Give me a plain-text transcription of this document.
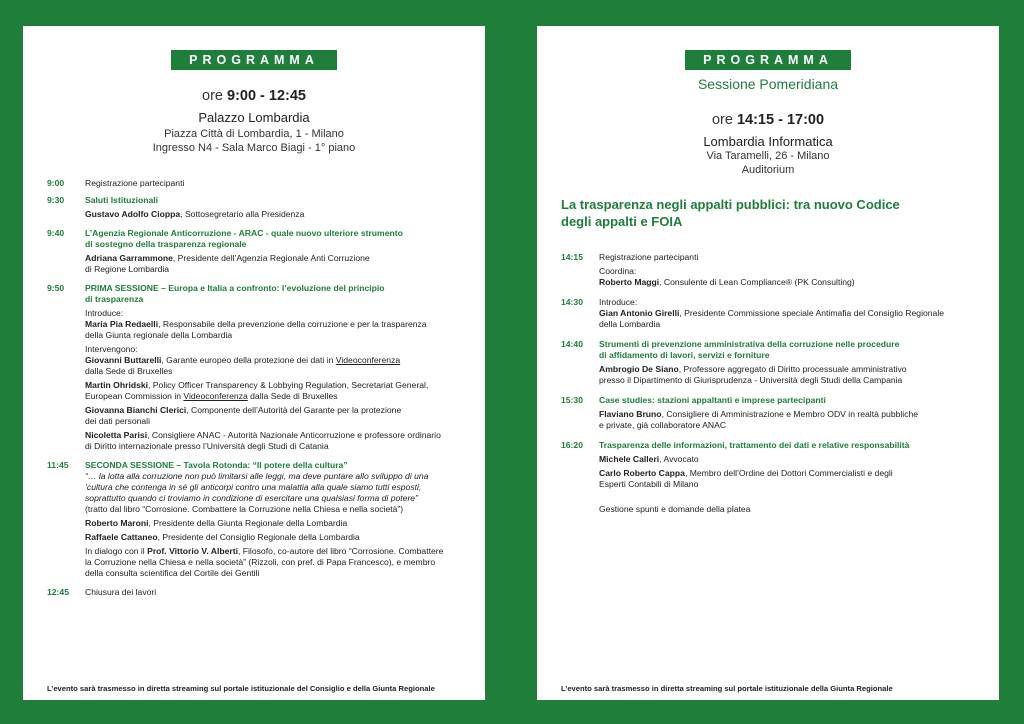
PROGRAMMA
ore 9:00 - 12:45
Palazzo Lombardia
Piazza Città di Lombardia, 1 - Milano
Ingresso N4 - Sala Marco Biagi - 1° piano
9:00	Registrazione partecipanti
9:30	Saluti Istituzionali
Gustavo Adolfo Cioppa, Sottosegretario alla Presidenza
9:40	L’Agenzia Regionale Anticorruzione - ARAC - quale nuovo ulteriore strumento
di sostegno della trasparenza regionale
Adriana Garrammone, Presidente dell’Agenzia Regionale Anti Corruzione
di Regione Lombardia
9:50	PRIMA SESSIONE – Europa e Italia a confronto: l’evoluzione del principio
di trasparenza
Introduce:
Maria Pia Redaelli, Responsabile della prevenzione della corruzione e per la trasparenza
della Giunta regionale della Lombardia
Intervengono:
Giovanni Buttarelli, Garante europeo della protezione dei dati in Videoconferenza
dalla Sede di Bruxelles
Martin Ohridski, Policy Officer Transparency & Lobbying Regulation, Secretariat General,
European Commission in Videoconferenza dalla Sede di Bruxelles
Giovanna Bianchi Clerici, Componente dell’Autorità del Garante per la protezione
dei dati personali
Nicoletta Parisi, Consigliere ANAC - Autorità Nazionale Anticorruzione e professore ordinario
di Diritto internazionale presso l’Università degli Studi di Catania
11:45	SECONDA SESSIONE – Tavola Rotonda: “Il potere della cultura”
“… la lotta alla corruzione non può limitarsi alle leggi, ma deve puntare allo sviluppo di una
’cultura che contenga in sé gli anticorpi contro una malattia alla quale siamo tutti esposti,
soprattutto quando ci troviamo in condizione di esercitare una qualsiasi forma di potere”
(tratto dal libro “Corrosione. Combattere la Corruzione nella Chiesa e nella società”)
Roberto Maroni, Presidente della Giunta Regionale della Lombardia
Raffaele Cattaneo, Presidente del Consiglio Regionale della Lombardia
In dialogo con il Prof. Vittorio V. Alberti, Filosofo, co-autore del libro “Corrosione. Combattere
la Corruzione nella Chiesa e nella società” (Rizzoli, con pref. di Papa Francesco), e membro
della consulta scientifica del Cortile dei Gentili
12:45	Chiusura dei lavori
L’evento sarà trasmesso in diretta streaming sul portale istituzionale del Consiglio e della Giunta Regionale
PROGRAMMA
Sessione Pomeridiana
ore 14:15 - 17:00
Lombardia Informatica
Via Taramelli, 26 - Milano
Auditorium
La trasparenza negli appalti pubblici: tra nuovo Codice
degli appalti e FOIA
14:15	Registrazione partecipanti
Coordina:
Roberto Maggi, Consulente di Lean Compliance® (PK Consulting)
14:30	Introduce:
Gian Antonio Girelli, Presidente Commissione speciale Antimafia del Consiglio Regionale
della Lombardia
14:40	Strumenti di prevenzione amministrativa della corruzione nelle procedure
di affidamento di lavori, servizi e forniture
Ambrogio De Siano, Professore aggregato di Diritto processuale amministrativo
presso il Dipartimento di Giurisprudenza - Università degli Studi della Campania
15:30	Case studies: stazioni appaltanti e imprese partecipanti
Flaviano Bruno, Consigliere di Amministrazione e Membro ODV in realtà pubbliche
e private, già collaboratore ANAC
16:20	Trasparenza delle informazioni, trattamento dei dati e relative responsabilità
Michele Calleri, Avvocato
Carlo Roberto Cappa, Membro dell’Ordine dei Dottori Commercialisti e degli
Esperti Contabili di Milano
Gestione spunti e domande della platea
L’evento sarà trasmesso in diretta streaming sul portale istituzionale della Giunta Regionale
